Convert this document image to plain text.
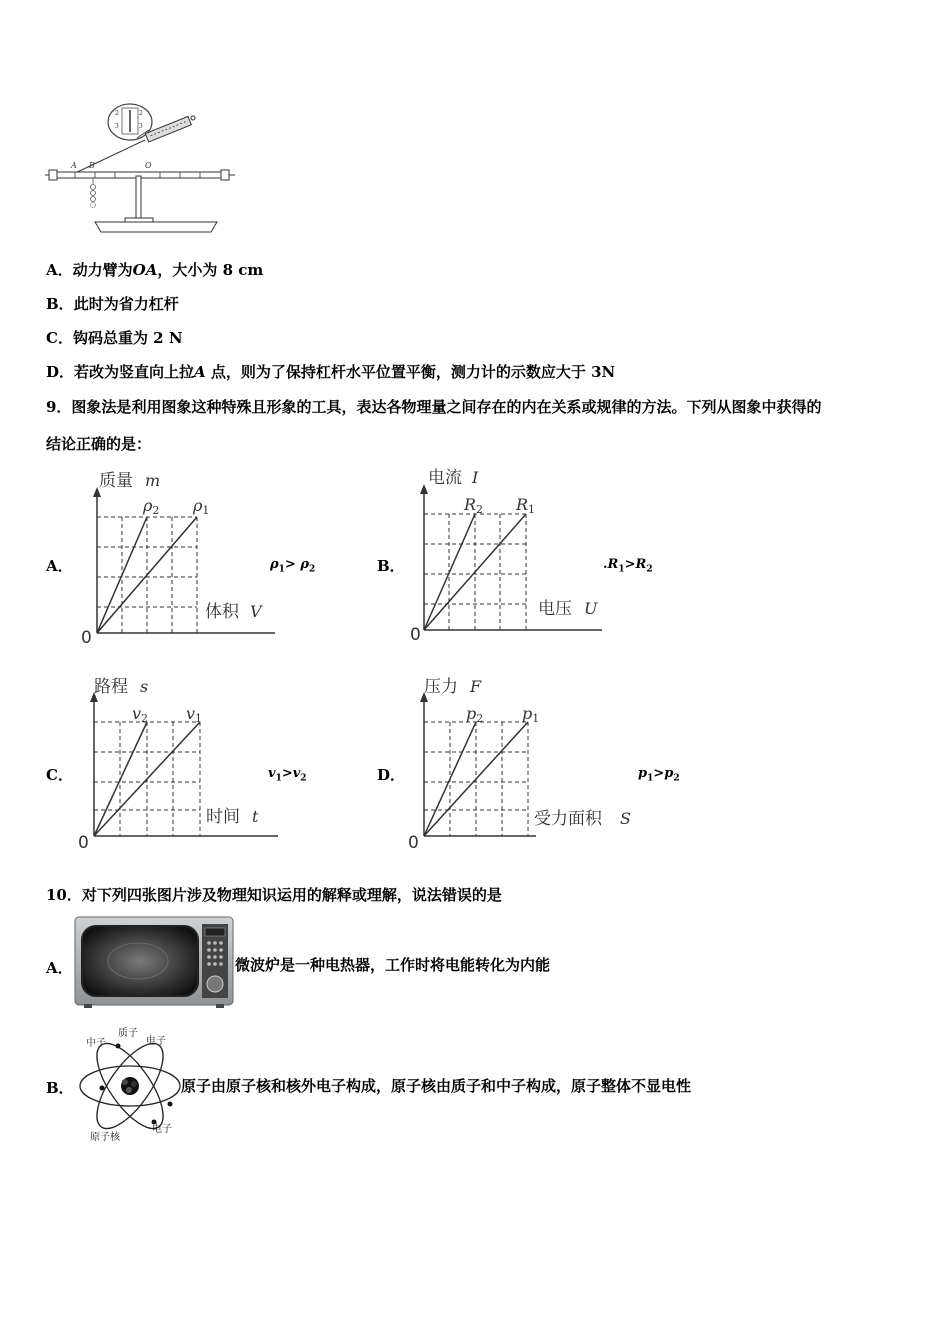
2	2
3	3
A B	O
A．动力臂为OA，大小为 8 cm
B．此时为省力杠杆
C．钩码总重为 2 N
D．若改为竖直向上拉A 点，则为了保持杠杆水平位置平衡，测力计的示数应大于 3N
9．图象法是利用图象这种特殊且形象的工具，表达各物理量之间存在的内在关系或规律的方法。下列从图象中获得的
结论正确的是：
A．
质量 m
ρ2 ρ1
体积 V
0
$\rho_1> \rho_2$	B．
电流 I
R2 R1
电压 U
0
$.R_1>R_2$
C．
路程 s
v2 v1
时间 t
0
$v_1>v_2$	D．
压力 F
p2 p1
受力面积 S
0
$p_1>p_2$
10．对下列四张图片涉及物理知识运用的解释或理解，说法错误的是
A．	微波炉是一种电热器，工作时将电能转化为内能
B．
中子
质子
电子
原子核
电子
原子由原子核和核外电子构成，原子核由质子和中子构成，原子整体不显电性
